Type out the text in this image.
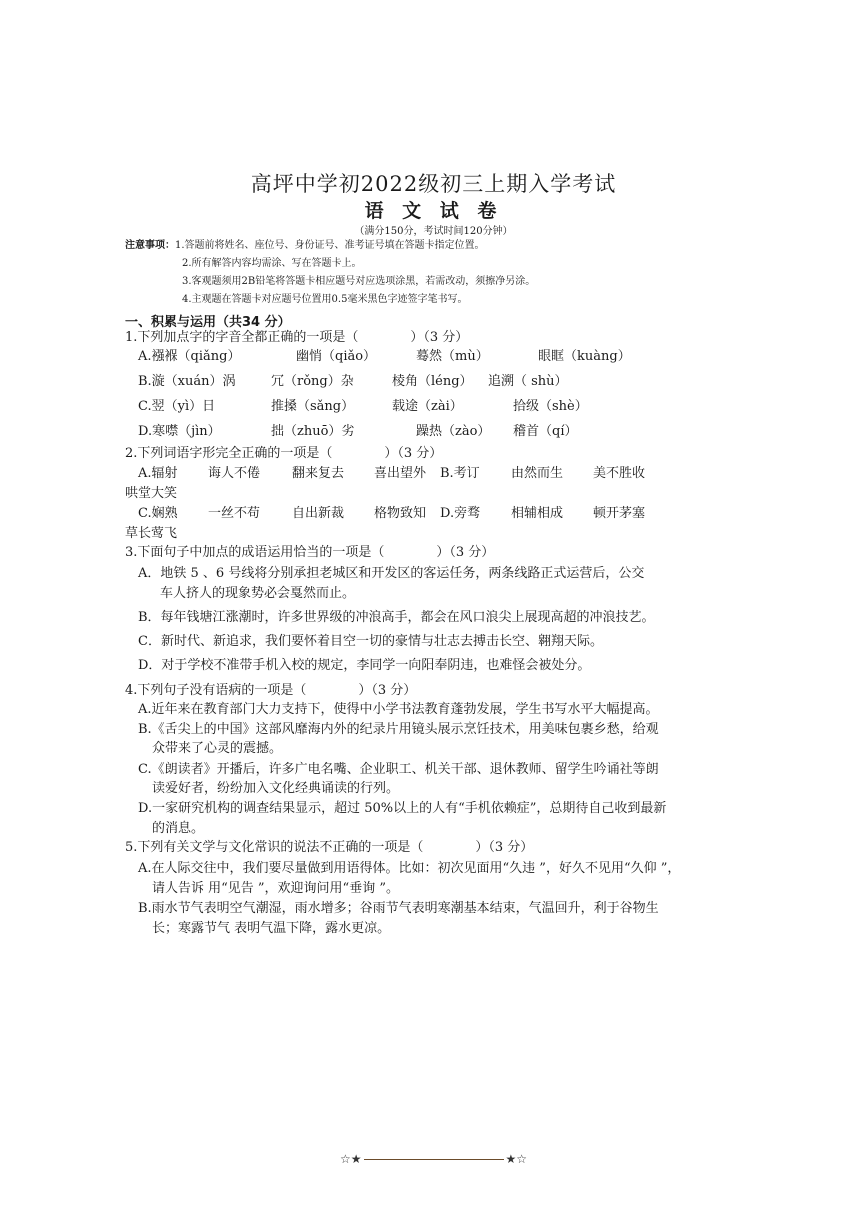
高坪中学初2022级初三上期入学考试
语 文 试 卷
（满分150分，考试时间120分钟）
注意事项：1.答题前将姓名、座位号、身份证号、准考证号填在答题卡指定位置。
2.所有解答内容均需涂、写在答题卡上。
3.客观题须用2B铅笔将答题卡相应题号对应选项涂黑，若需改动，须擦净另涂。
4.主观题在答题卡对应题号位置用0.5毫米黑色字迹签字笔书写。
一、积累与运用（共34 分）
1.下列加点字的字音全都正确的一项是（　　　　）（3 分）
A.襁褓（qiǎng）	幽悄（qiǎo）	蓦然（mù）	眼眶（kuàng）
B.漩（xuán）涡	冗（rǒng）杂	棱角（léng） 追溯（ shù）
C.翌（yì）日	推搡（sǎng）	载途（zài）	拾级（shè）
D.寒噤（jìn）	拙（zhuō）劣	躁热（zào） 稽首（qí）
2.下列词语字形完全正确的一项是（　　　　）（3 分）
A.辐射 诲人不倦 翻来复去 喜出望外 B.考订 由然而生 美不胜收
哄堂大笑
C.娴熟 一丝不苟 自出新裁 格物致知 D.旁骛 相辅相成 顿开茅塞
草长莺飞
3.下面句子中加点的成语运用恰当的一项是（　　　　）（3 分）
A．地铁 5 、6 号线将分别承担老城区和开发区的客运任务，两条线路正式运营后，公交
车人挤人的现象势必会戛然而止。
B．每年钱塘江涨潮时，许多世界级的冲浪高手，都会在风口浪尖上展现高超的冲浪技艺。
C．新时代、新追求，我们要怀着目空一切的豪情与壮志去搏击长空、翱翔天际。
D．对于学校不准带手机入校的规定，李同学一向阳奉阴违，也难怪会被处分。
4.下列句子没有语病的一项是（　　　　）（3 分）
A.近年来在教育部门大力支持下，使得中小学书法教育蓬勃发展，学生书写水平大幅提高。
B.《舌尖上的中国》这部风靡海内外的纪录片用镜头展示烹饪技术，用美味包裹乡愁，给观
众带来了心灵的震撼。
C.《朗读者》开播后，许多广电名嘴、企业职工、机关干部、退休教师、留学生吟诵社等朗
读爱好者，纷纷加入文化经典诵读的行列。
D.一家研究机构的调查结果显示，超过 50%以上的人有“手机依赖症”，总期待自己收到最新
的消息。
5.下列有关文学与文化常识的说法不正确的一项是（　　　　）（3 分）
A.在人际交往中，我们要尽量做到用语得体。比如：初次见面用“久违 ”，好久不见用“久仰 ”，
请人告诉 用“见告 ”，欢迎询问用“垂询 ”。
B.雨水节气表明空气潮湿，雨水增多；谷雨节气表明寒潮基本结束，气温回升，利于谷物生
长；寒露节气 表明气温下降，露水更凉。
☆★	★☆
